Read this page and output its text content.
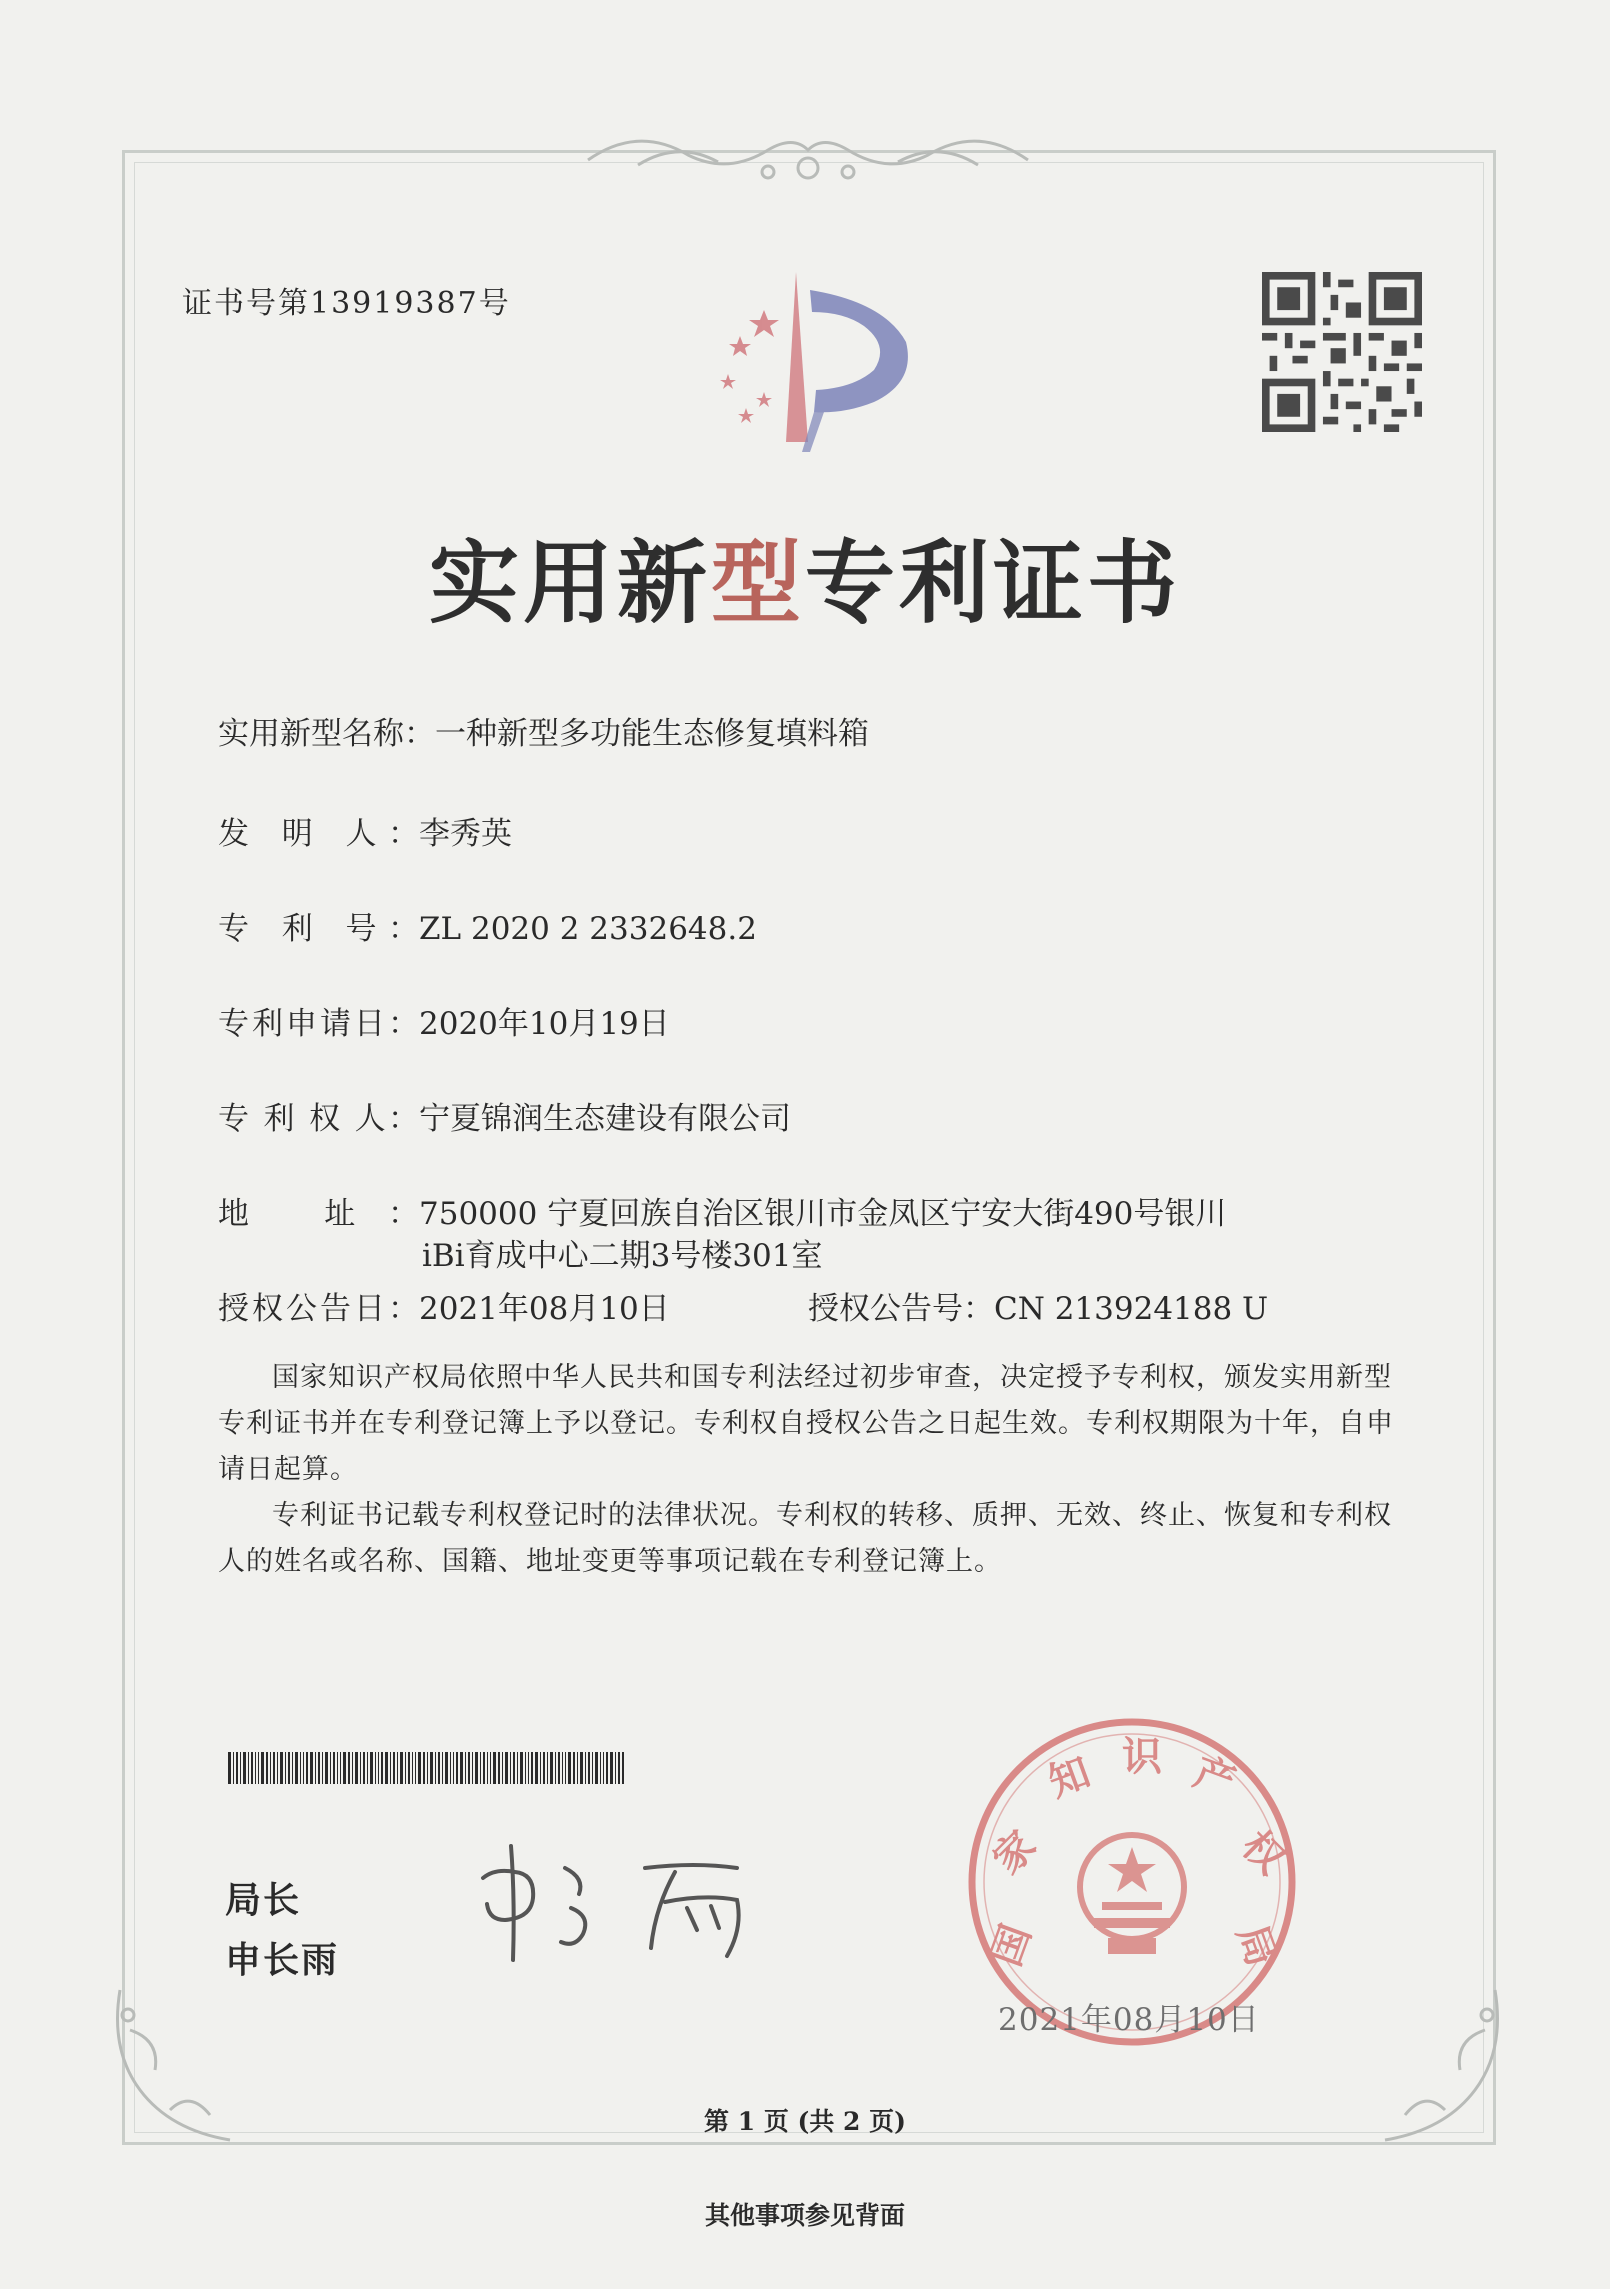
证书号第13919387号
实用新型专利证书
实用新型名称：一种新型多功能生态修复填料箱
发 明 人：李秀英
专 利 号：ZL 2020 2 2332648.2
专利申请日：2020年10月19日
专 利 权 人：宁夏锦润生态建设有限公司
地 址：750000 宁夏回族自治区银川市金凤区宁安大街490号银川
iBi育成中心二期3号楼301室
授权公告日：2021年08月10日	授权公告号：CN 213924188 U

国家知识产权局依照中华人民共和国专利法经过初步审查，决定授予专利权，颁发实用新型专利证书并在专利登记簿上予以登记。专利权自授权公告之日起生效。专利权期限为十年，自申请日起算。

专利证书记载专利权登记时的法律状况。专利权的转移、质押、无效、终止、恢复和专利权人的姓名或名称、国籍、地址变更等事项记载在专利登记簿上。

局长
申长雨	国
家
知 识 产
权
局
2021年08月10日
第 1 页 (共 2 页)
其他事项参见背面
